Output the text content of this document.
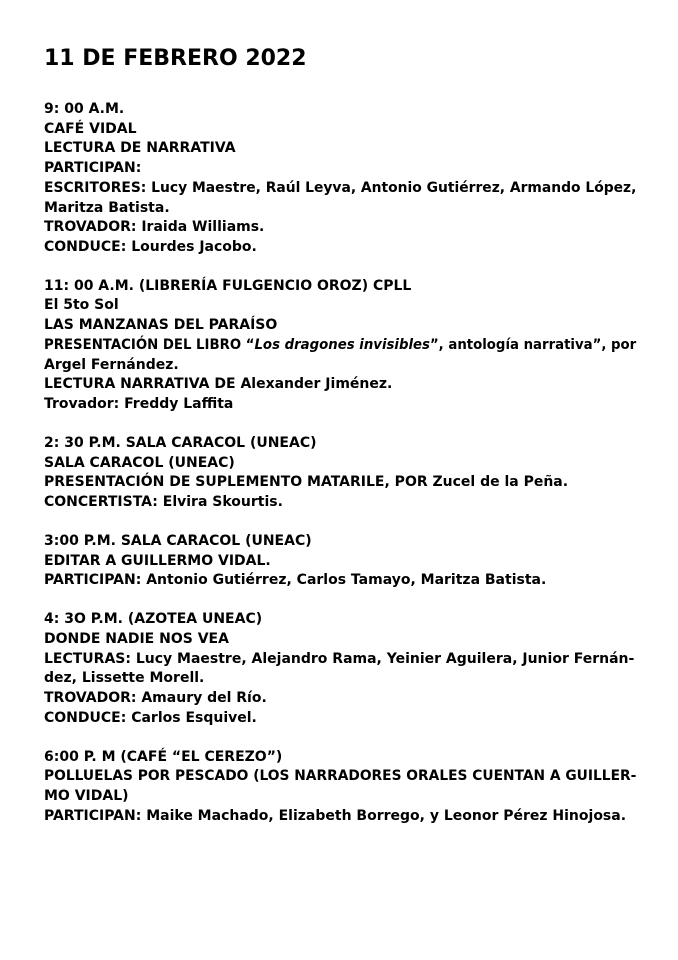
11 DE FEBRERO 2022
9: 00 A.M.
CAFÉ VIDAL
LECTURA DE NARRATIVA
PARTICIPAN:
ESCRITORES: Lucy Maestre, Raúl Leyva, Antonio Gutiérrez, Armando López,
Maritza Batista.
TROVADOR: Iraida Williams.
CONDUCE: Lourdes Jacobo.
11: 00 A.M. (LIBRERÍA FULGENCIO OROZ) CPLL
El 5to Sol
LAS MANZANAS DEL PARAÍSO
PRESENTACIÓN DEL LIBRO “Los dragones invisibles”, antología narrativa”, por
Argel Fernández.
LECTURA NARRATIVA DE Alexander Jiménez.
Trovador: Freddy Laffita
2: 30 P.M. SALA CARACOL (UNEAC)
SALA CARACOL (UNEAC)
PRESENTACIÓN DE SUPLEMENTO MATARILE, POR Zucel de la Peña.
CONCERTISTA: Elvira Skourtis.
3:00 P.M. SALA CARACOL (UNEAC)
EDITAR A GUILLERMO VIDAL.
PARTICIPAN: Antonio Gutiérrez, Carlos Tamayo, Maritza Batista.
4: 3O P.M. (AZOTEA UNEAC)
DONDE NADIE NOS VEA
LECTURAS: Lucy Maestre, Alejandro Rama, Yeinier Aguilera, Junior Fernán-
dez, Lissette Morell.
TROVADOR: Amaury del Río.
CONDUCE: Carlos Esquivel.
6:00 P. M (CAFÉ “EL CEREZO”)
POLLUELAS POR PESCADO (LOS NARRADORES ORALES CUENTAN A GUILLER-
MO VIDAL)
PARTICIPAN: Maike Machado, Elizabeth Borrego, y Leonor Pérez Hinojosa.
